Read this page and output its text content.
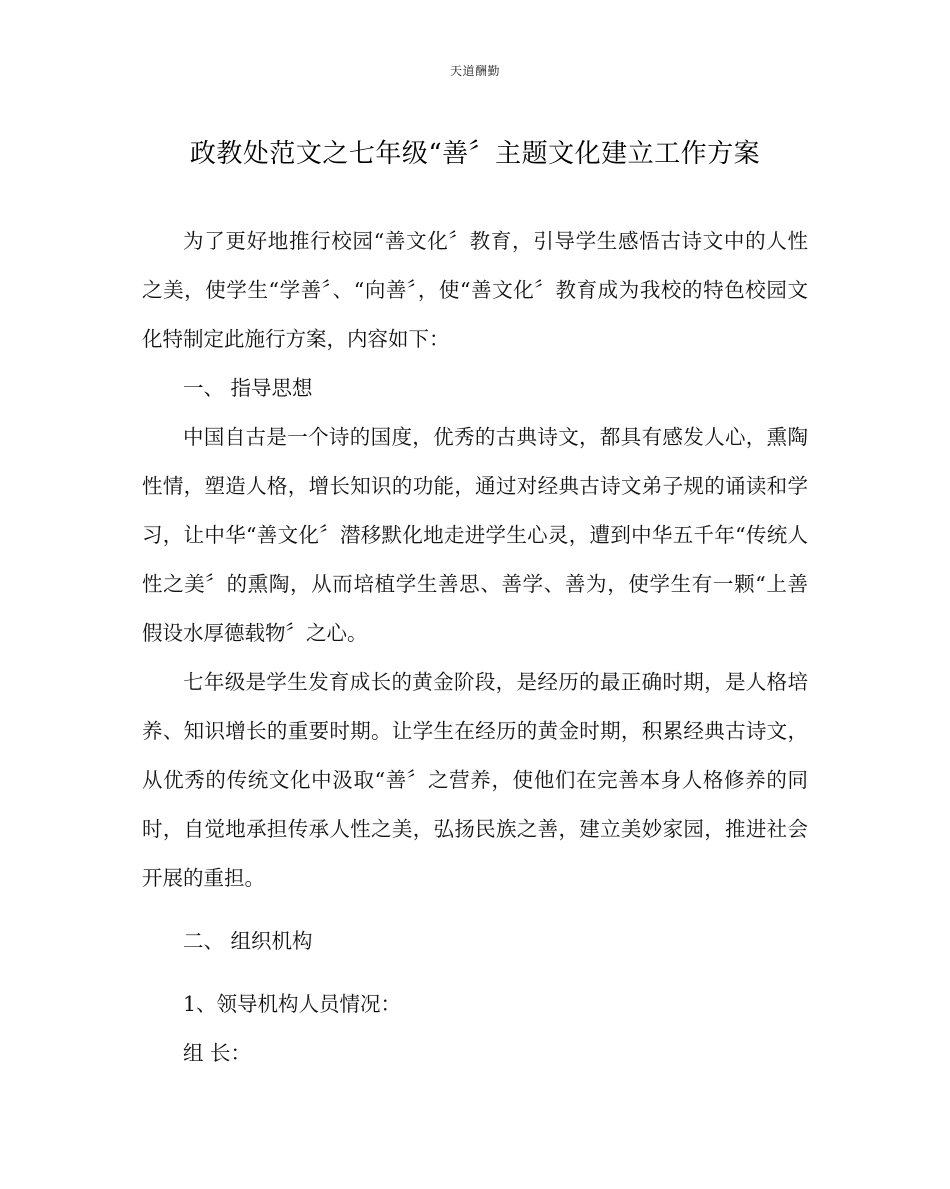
天道酬勤
政教处范文之七年级“善〞主题文化建立工作方案

为了更好地推行校园“善文化〞教育，引导学生感悟古诗文中的人性之美，使学生“学善〞、“向善〞，使“善文化〞教育成为我校的特色校园文化特制定此施行方案，内容如下：

一、 指导思想

中国自古是一个诗的国度，优秀的古典诗文，都具有感发人心，熏陶性情，塑造人格，增长知识的功能，通过对经典古诗文弟子规的诵读和学习，让中华“善文化〞潜移默化地走进学生心灵，遭到中华五千年“传统人性之美〞的熏陶，从而培植学生善思、善学、善为，使学生有一颗“上善假设水厚德载物〞之心。

七年级是学生发育成长的黄金阶段，是经历的最正确时期，是人格培养、知识增长的重要时期。让学生在经历的黄金时期，积累经典古诗文，从优秀的传统文化中汲取“善〞之营养，使他们在完善本身人格修养的同时，自觉地承担传承人性之美，弘扬民族之善，建立美妙家园，推进社会开展的重担。

二、 组织机构

1、领导机构人员情况：

组 长：
